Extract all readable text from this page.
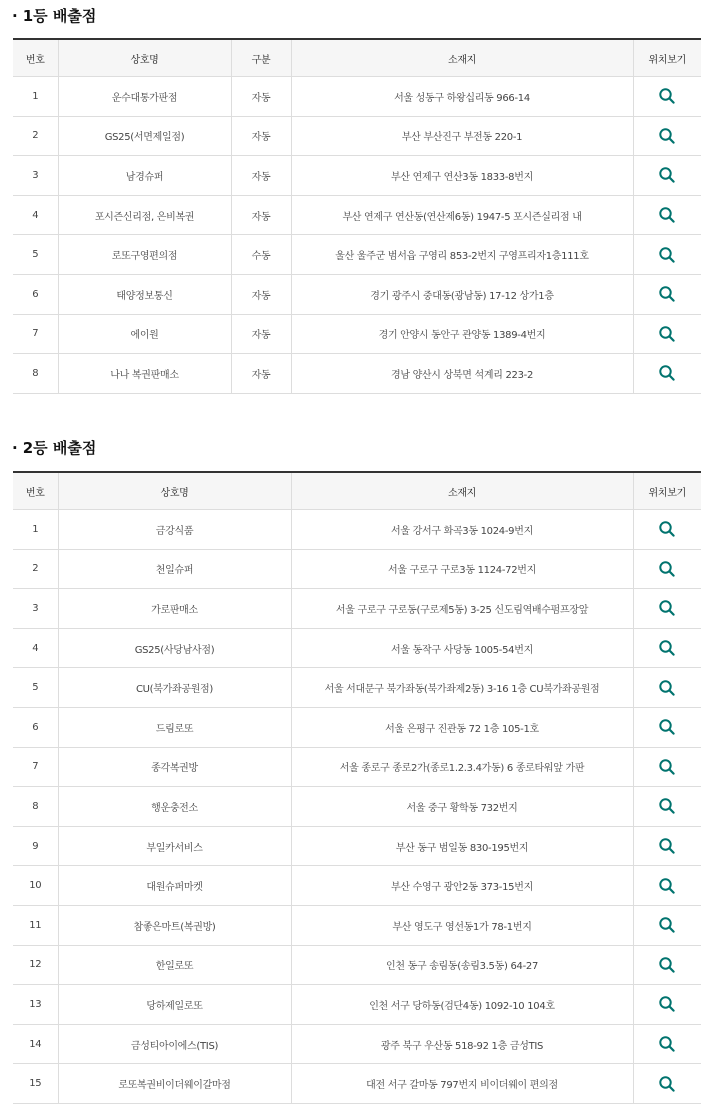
· 1등 배출점
번호	상호명	구분	소재지	위치보기
1	운수대통가판점	자동	서울 성동구 하왕십리동 966-14	

2	GS25(서면제일점)	자동	부산 부산진구 부전동 220-1	

3	남경슈퍼	자동	부산 연제구 연산3동 1833-8번지	

4	포시즌신리점, 은비복권	자동	부산 연제구 연산동(연산제6동) 1947-5 포시즌실리점 내	

5	로또구영편의점	수동	울산 울주군 범서읍 구영리 853-2번지 구영프리자1층111호	

6	태양정보통신	자동	경기 광주시 중대동(광남동) 17-12 상가1층	

7	에이원	자동	경기 안양시 동안구 관양동 1389-4번지	

8	나나 복권판매소	자동	경남 양산시 상북면 석계리 223-2	
· 2등 배출점
번호	상호명	소재지	위치보기
1	금강식품	서울 강서구 화곡3동 1024-9번지	

2	천일슈퍼	서울 구로구 구로3동 1124-72번지	

3	가로판매소	서울 구로구 구로동(구로제5동) 3-25 신도림역배수펌프장앞	

4	GS25(사당남사점)	서울 동작구 사당동 1005-54번지	

5	CU(북가좌공원점)	서울 서대문구 북가좌동(북가좌제2동) 3-16 1층 CU북가좌공원점	

6	드림로또	서울 은평구 진관동 72 1층 105-1호	

7	종각복권방	서울 종로구 종로2가(종로1.2.3.4가동) 6 종로타워앞 가판	

8	행운충전소	서울 중구 황학동 732번지	

9	부일카서비스	부산 동구 범일동 830-195번지	

10	대원슈퍼마켓	부산 수영구 광안2동 373-15번지	

11	참좋은마트(복권방)	부산 영도구 영선동1가 78-1번지	

12	한일로또	인천 동구 송림동(송림3.5동) 64-27	

13	당하제일로또	인천 서구 당하동(검단4동) 1092-10 104호	

14	금성티아이에스(TIS)	광주 북구 우산동 518-92 1층 금성TIS	

15	로또복권비이더웨이갈마점	대전 서구 갈마동 797번지 비이더웨이 편의점	
